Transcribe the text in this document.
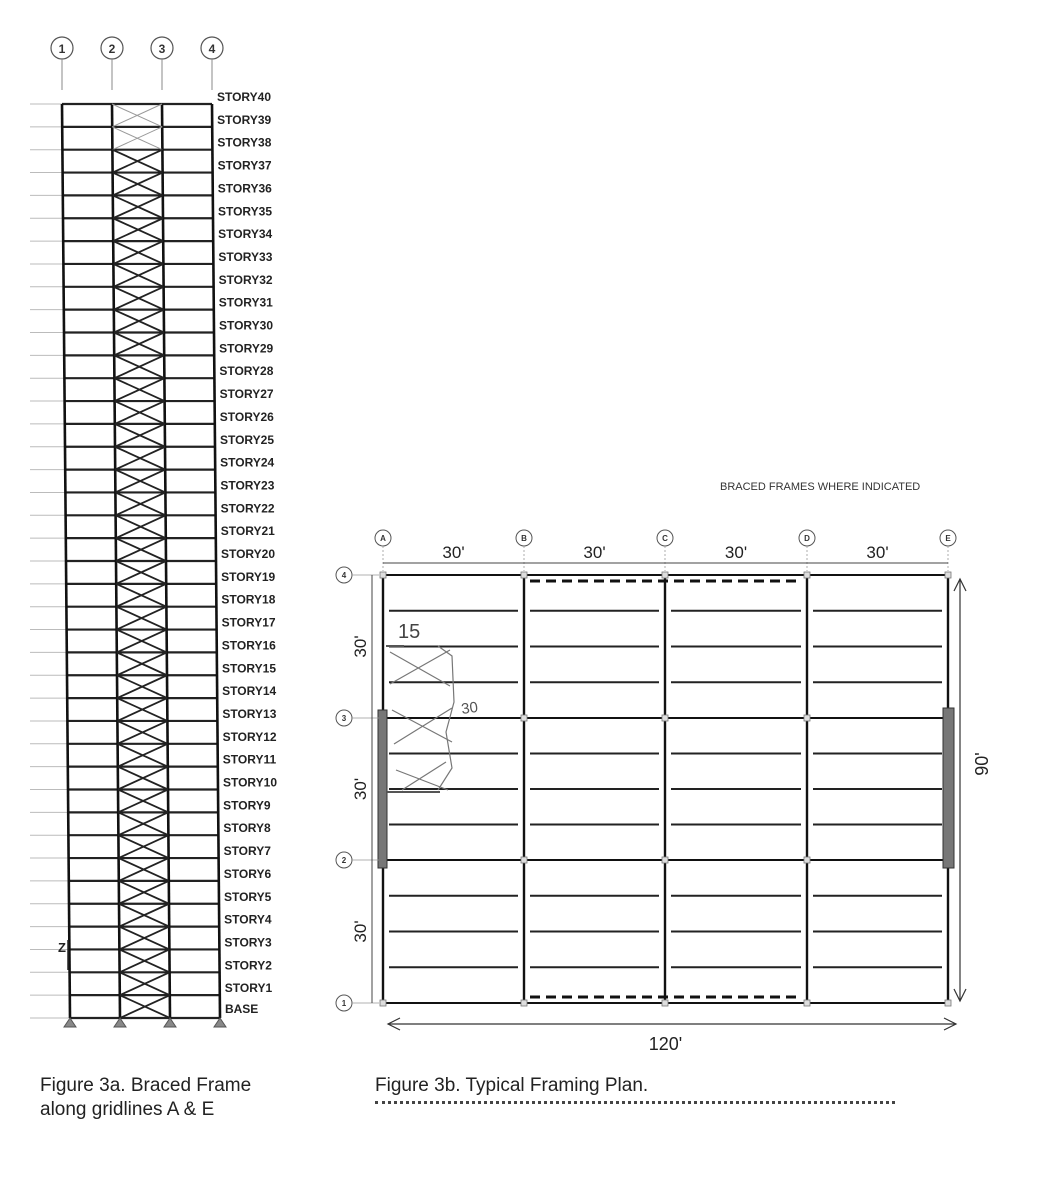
1	2	3	4
STORY40
STORY39
STORY38
STORY37
STORY36
STORY35
STORY34
STORY33
STORY32
STORY31
STORY30
STORY29
STORY28
STORY27
STORY26
STORY25
STORY24
STORY23
STORY22
STORY21
STORY20
STORY19
STORY18
STORY17
STORY16
STORY15
STORY14
STORY13
STORY12
STORY11
STORY10
STORY9
STORY8
STORY7
STORY6
STORY5
STORY4
STORY3
STORY2
STORY1
BASE
Z
BRACED FRAMES WHERE INDICATED
A	B	C	D	E
4
3
2
1
30'	30'	30'	30'
30'
30'
30'
120'
90'
15
30
Figure 3a. Braced Frame
along gridlines A & E
Figure 3b. Typical Framing Plan.
